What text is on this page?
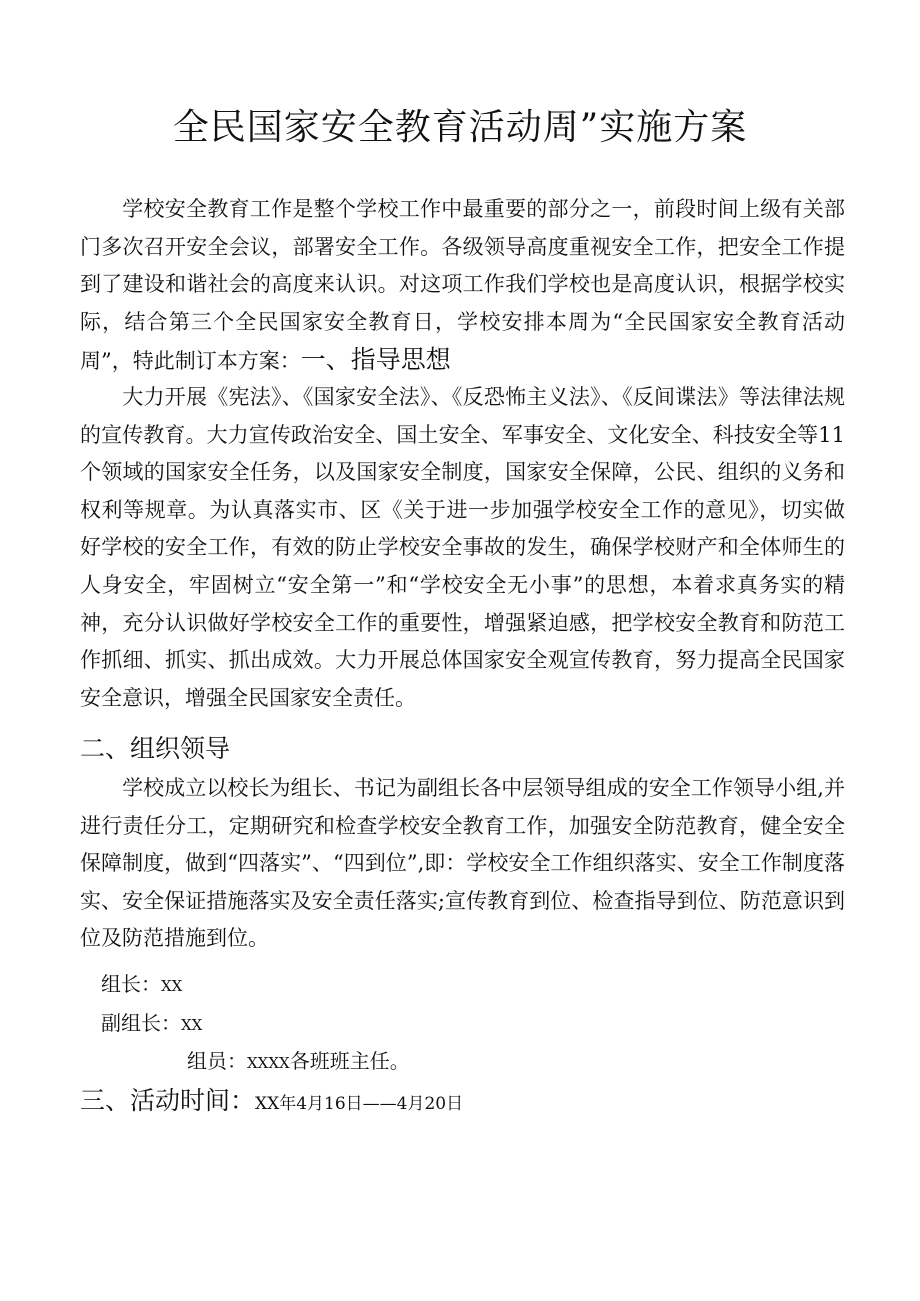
全民国家安全教育活动周”实施方案

学校安全教育工作是整个学校工作中最重要的部分之一，前段时间上级有关部门多次召开安全会议，部署安全工作。各级领导高度重视安全工作，把安全工作提到了建设和谐社会的高度来认识。对这项工作我们学校也是高度认识，根据学校实际，结合第三个全民国家安全教育日，学校安排本周为“全民国家安全教育活动周”，特此制订本方案：一、指导思想

大力开展《宪法》、《国家安全法》、《反恐怖主义法》、《反间谍法》等法律法规的宣传教育。大力宣传政治安全、国土安全、军事安全、文化安全、科技安全等11个领域的国家安全任务，以及国家安全制度，国家安全保障，公民、组织的义务和权利等规章。为认真落实市、区《关于进一步加强学校安全工作的意见》，切实做好学校的安全工作，有效的防止学校安全事故的发生，确保学校财产和全体师生的人身安全，牢固树立“安全第一”和“学校安全无小事”的思想，本着求真务实的精神，充分认识做好学校安全工作的重要性，增强紧迫感，把学校安全教育和防范工作抓细、抓实、抓出成效。大力开展总体国家安全观宣传教育，努力提高全民国家安全意识，增强全民国家安全责任。

二、组织领导

学校成立以校长为组长、书记为副组长各中层领导组成的安全工作领导小组,并进行责任分工，定期研究和检查学校安全教育工作，加强安全防范教育，健全安全保障制度，做到“四落实”、“四到位”,即：学校安全工作组织落实、安全工作制度落实、安全保证措施落实及安全责任落实;宣传教育到位、检查指导到位、防范意识到位及防范措施到位。

组长：XX
副组长：XX
组员：XXXX各班班主任。
三、活动时间：XX年4月16日——4月20日
